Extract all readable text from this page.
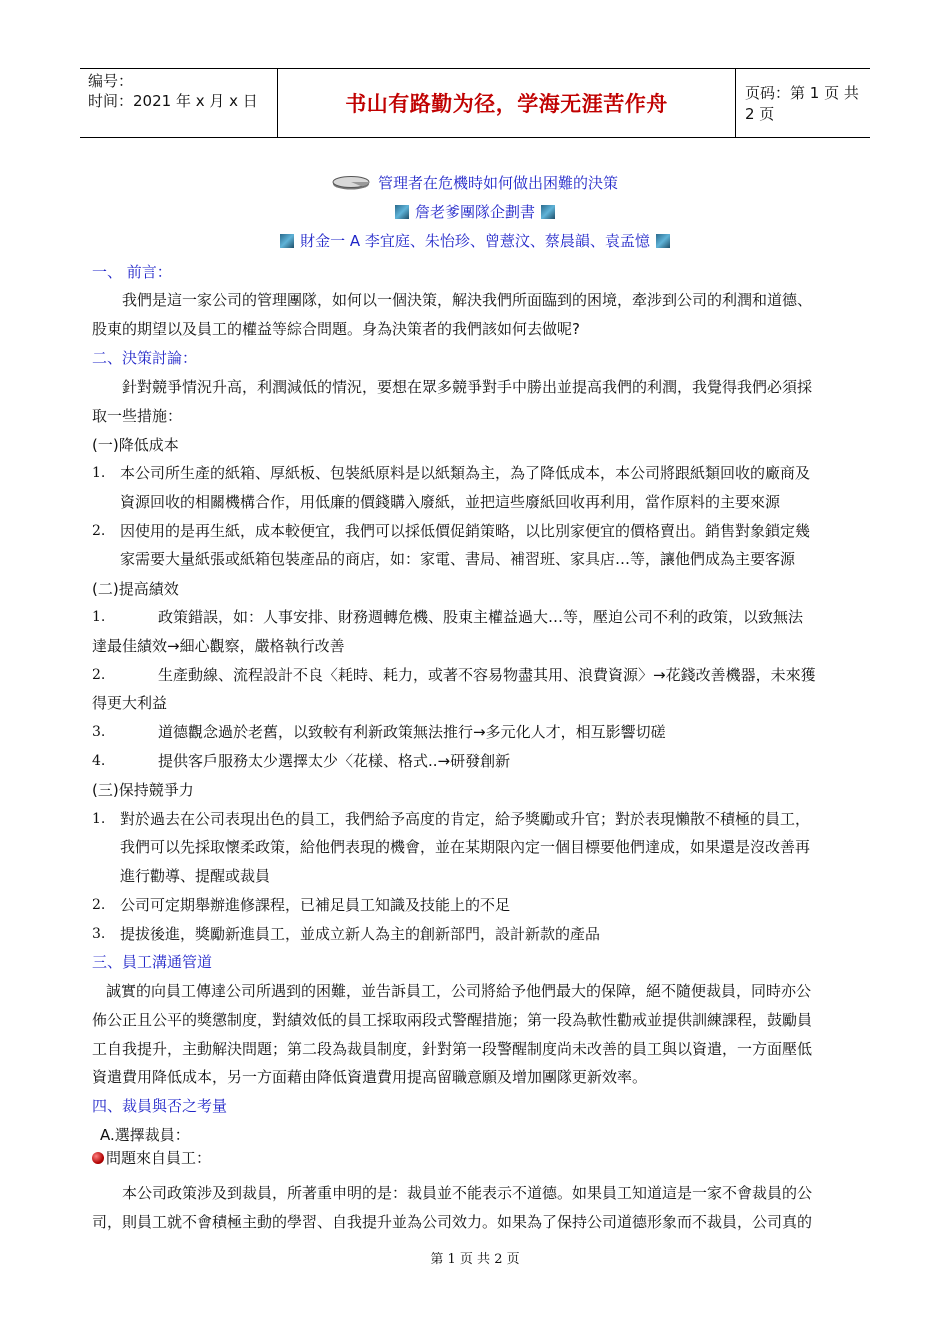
编号：
时间：2021 年 x 月 x 日	书山有路勤为径，学海无涯苦作舟	页码：第 1 页 共 2 页
管理者在危機時如何做出困難的決策
詹老爹團隊企劃書
財金一 A 李宜庭、朱怡珍、曾薏汶、蔡晨韻、袁孟憶
一、 前言：
我們是這一家公司的管理團隊，如何以一個決策，解決我們所面臨到的困境，牽涉到公司的利潤和道德、
股東的期望以及員工的權益等綜合問題。身為決策者的我們該如何去做呢?
二、決策討論：
針對競爭情況升高，利潤減低的情況，要想在眾多競爭對手中勝出並提高我們的利潤，我覺得我們必須採
取一些措施：
(一)降低成本
1. 本公司所生產的紙箱、厚紙板、包裝紙原料是以紙類為主，為了降低成本，本公司將跟紙類回收的廠商及
資源回收的相關機構合作，用低廉的價錢購入廢紙，並把這些廢紙回收再利用，當作原料的主要來源
2. 因使用的是再生紙，成本較便宜，我們可以採低價促銷策略，以比別家便宜的價格賣出。銷售對象鎖定幾
家需要大量紙張或紙箱包裝產品的商店，如：家電、書局、補習班、家具店…等，讓他們成為主要客源
(二)提高績效
1.	政策錯誤，如：人事安排、財務週轉危機、股東主權益過大…等，壓迫公司不利的政策，以致無法
達最佳績效→細心觀察，嚴格執行改善
2.	生產動線、流程設計不良〈耗時、耗力，或著不容易物盡其用、浪費資源〉→花錢改善機器，未來獲
得更大利益
3.	道德觀念過於老舊，以致較有利新政策無法推行→多元化人才，相互影響切磋
4.	提供客戶服務太少選擇太少〈花樣、格式..→研發創新
(三)保持競爭力
1. 對於過去在公司表現出色的員工，我們給予高度的肯定，給予獎勵或升官；對於表現懶散不積極的員工，
我們可以先採取懷柔政策，給他們表現的機會，並在某期限內定一個目標要他們達成，如果還是沒改善再
進行勸導、提醒或裁員
2. 公司可定期舉辦進修課程，已補足員工知識及技能上的不足
3. 提拔後進，獎勵新進員工，並成立新人為主的創新部門，設計新款的產品
三、員工溝通管道
誠實的向員工傳達公司所遇到的困難，並告訴員工，公司將給予他們最大的保障，絕不隨便裁員，同時亦公
佈公正且公平的獎懲制度，對績效低的員工採取兩段式警醒措施；第一段為軟性勸戒並提供訓練課程，鼓勵員
工自我提升，主動解決問題；第二段為裁員制度，針對第一段警醒制度尚未改善的員工與以資遣，一方面壓低
資遣費用降低成本，另一方面藉由降低資遣費用提高留職意願及增加團隊更新效率。
四、裁員與否之考量
A.選擇裁員：
問題來自員工：
本公司政策涉及到裁員，所著重申明的是：裁員並不能表示不道德。如果員工知道這是一家不會裁員的公
司，則員工就不會積極主動的學習、自我提升並為公司效力。如果為了保持公司道德形象而不裁員，公司真的
第 1 页 共 2 页
